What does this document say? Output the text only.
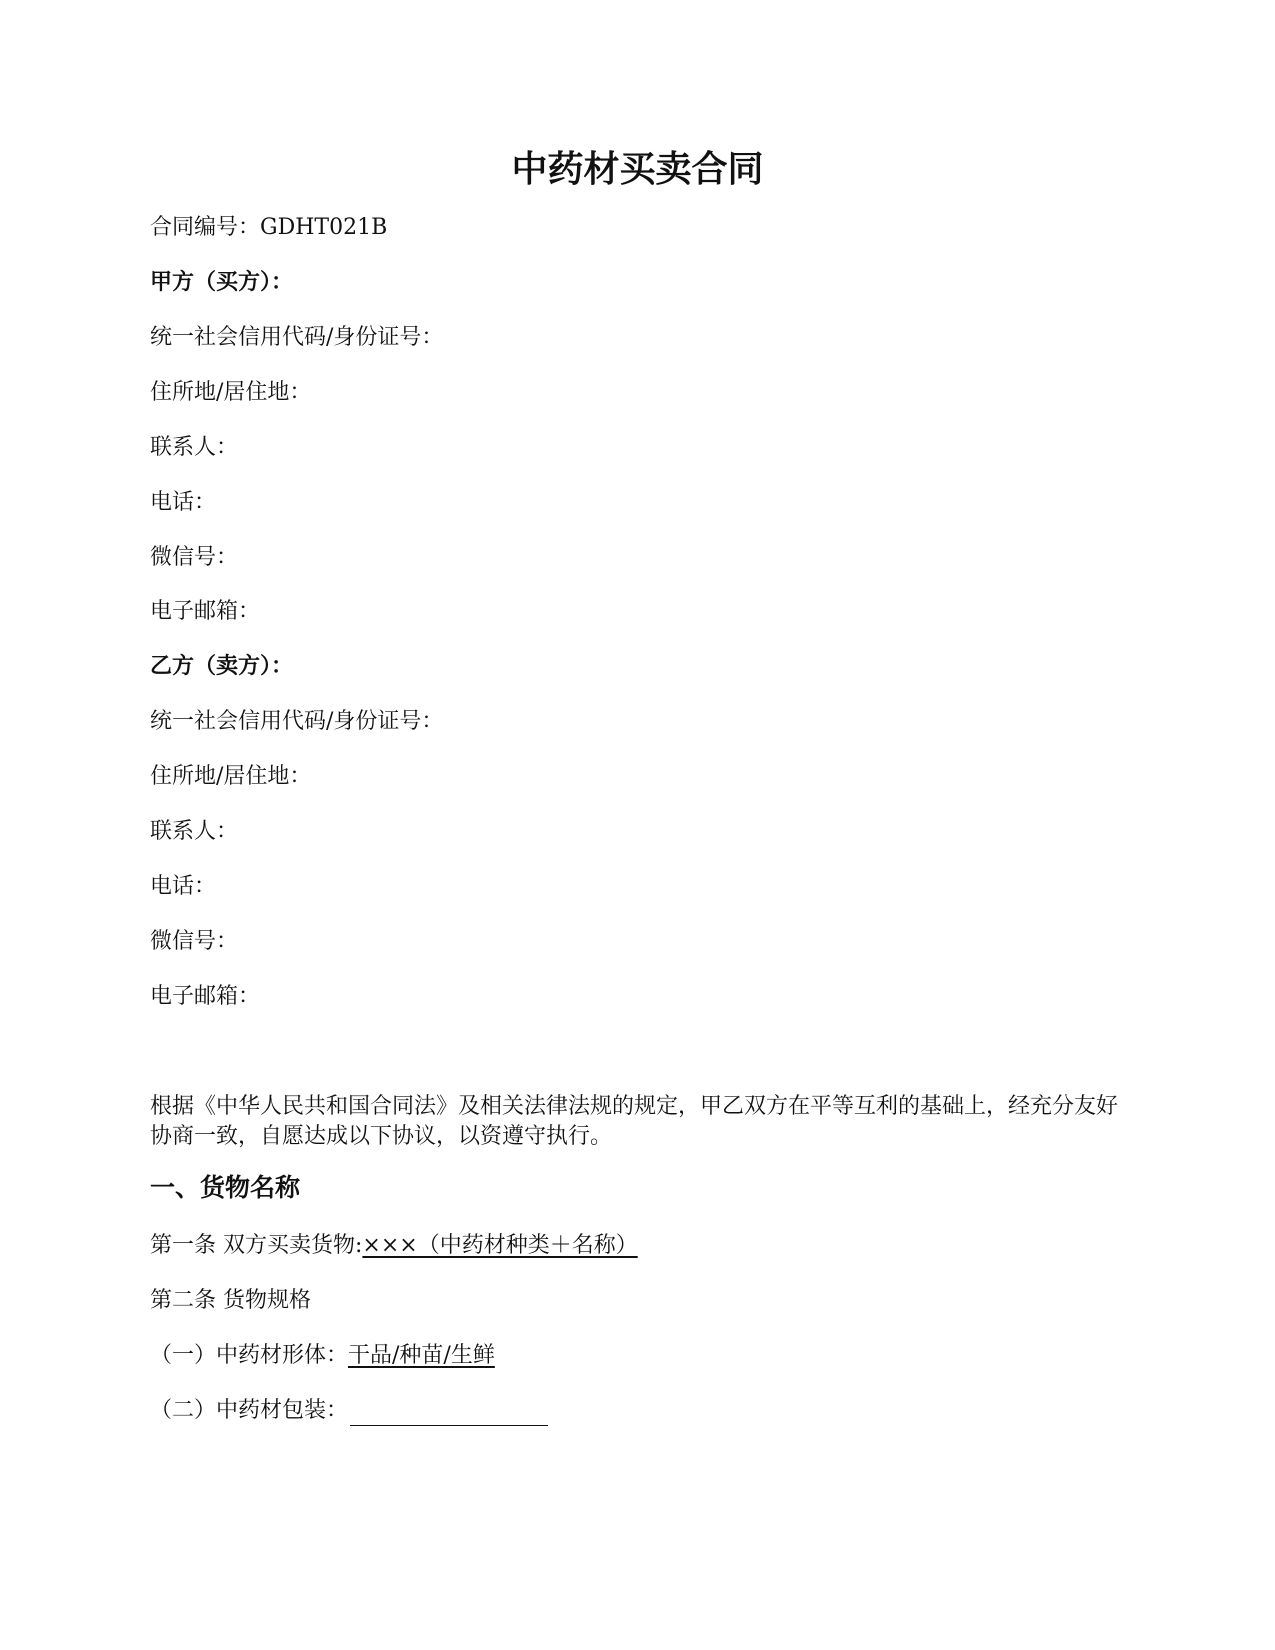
中药材买卖合同
合同编号：GDHT021B
甲方（买方）：
统一社会信用代码/身份证号：
住所地/居住地：
联系人：
电话：
微信号：
电子邮箱：
乙方（卖方）：
统一社会信用代码/身份证号：
住所地/居住地：
联系人：
电话：
微信号：
电子邮箱：

根据《中华人民共和国合同法》及相关法律法规的规定，甲乙双方在平等互利的基础上，经充分友好协商一致，自愿达成以下协议，以资遵守执行。

一、货物名称
第一条 双方买卖货物:×××（中药材种类＋名称）
第二条 货物规格
（一）中药材形体：干品/种苗/生鲜
（二）中药材包装：
